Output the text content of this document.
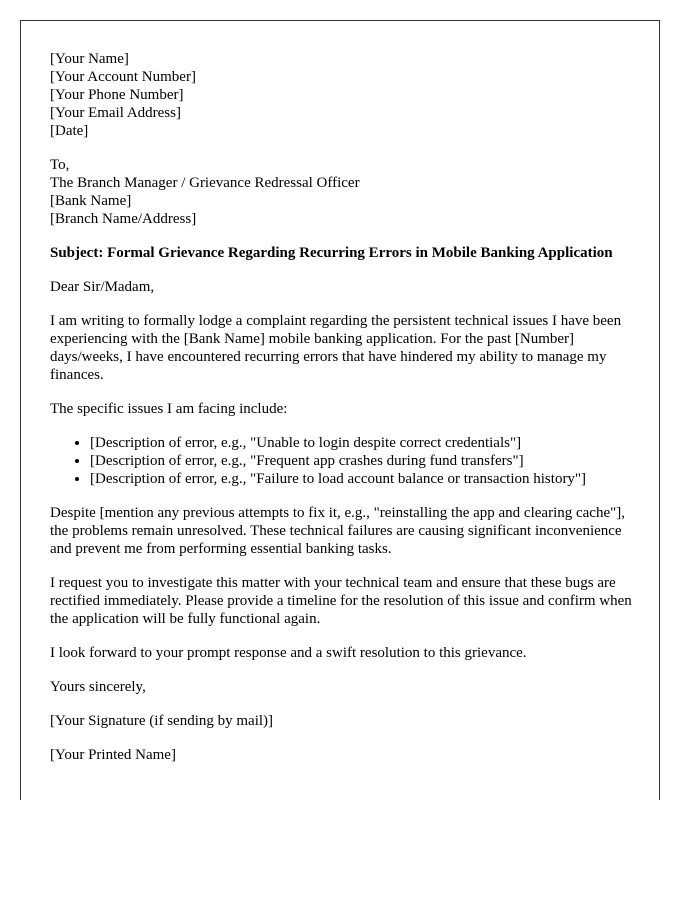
[Your Name]
[Your Account Number]
[Your Phone Number]
[Your Email Address]
[Date]
To,
The Branch Manager / Grievance Redressal Officer
[Bank Name]
[Branch Name/Address]
Subject: Formal Grievance Regarding Recurring Errors in Mobile Banking Application

Dear Sir/Madam,

I am writing to formally lodge a complaint regarding the persistent technical issues I have been experiencing with the [Bank Name] mobile banking application. For the past [Number] days/weeks, I have encountered recurring errors that have hindered my ability to manage my finances.

The specific issues I am facing include:

• [Description of error, e.g., "Unable to login despite correct credentials"]
• [Description of error, e.g., "Frequent app crashes during fund transfers"]
• [Description of error, e.g., "Failure to load account balance or transaction history"]

Despite [mention any previous attempts to fix it, e.g., "reinstalling the app and clearing cache"], the problems remain unresolved. These technical failures are causing significant inconvenience and prevent me from performing essential banking tasks.

I request you to investigate this matter with your technical team and ensure that these bugs are rectified immediately. Please provide a timeline for the resolution of this issue and confirm when the application will be fully functional again.

I look forward to your prompt response and a swift resolution to this grievance.

Yours sincerely,

[Your Signature (if sending by mail)]

[Your Printed Name]
